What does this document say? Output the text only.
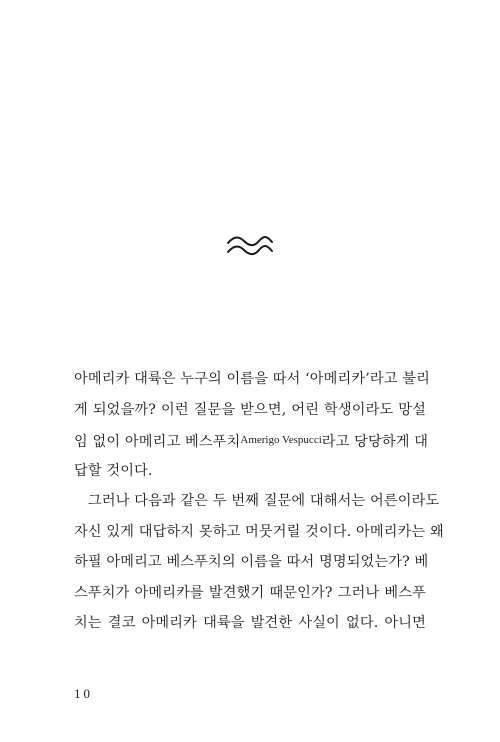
아메리카 대륙은 누구의 이름을 따서 ‘아메리카’라고 불리
게 되었을까? 이런 질문을 받으면, 어린 학생이라도 망설
임 없이 아메리고 베스푸치$^{Amerigo Vespucci}$라고 당당하게 대
답할 것이다.
그러나 다음과 같은 두 번째 질문에 대해서는 어른이라도
자신 있게 대답하지 못하고 머뭇거릴 것이다. 아메리카는 왜
하필 아메리고 베스푸치의 이름을 따서 명명되었는가? 베
스푸치가 아메리카를 발견했기 때문인가? 그러나 베스푸
치는 결코 아메리카 대륙을 발견한 사실이 없다. 아니면
10
